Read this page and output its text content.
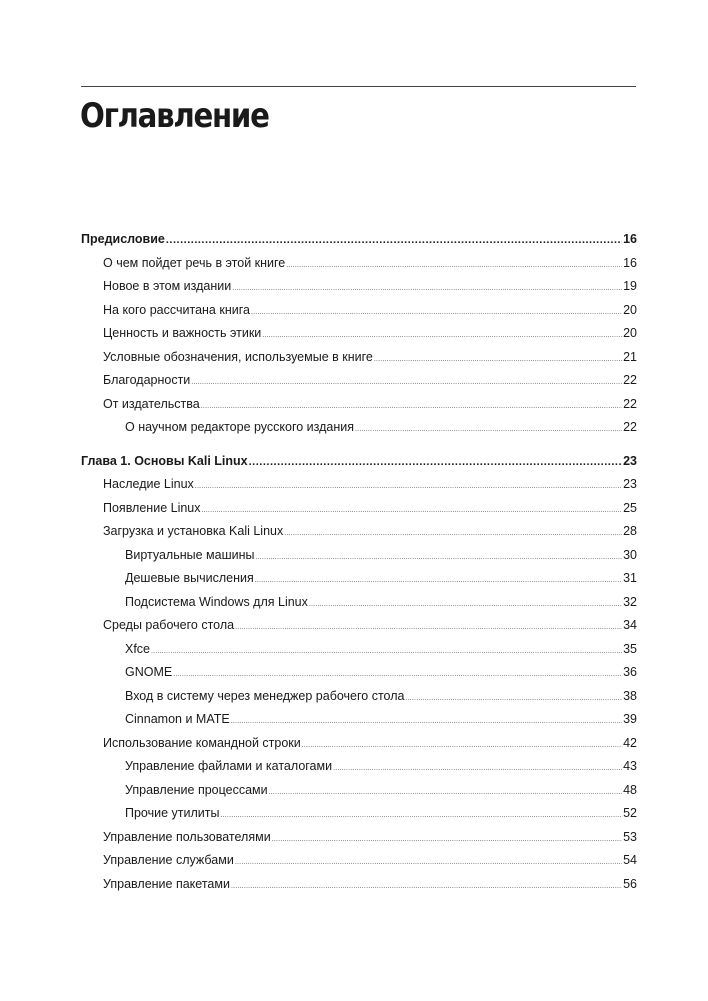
Оглавление
Предисловие .....	16
О чем пойдет речь в этой книге .....	16
Новое в этом издании .....	19
На кого рассчитана книга .....	20
Ценность и важность этики .....	20
Условные обозначения, используемые в книге .....	21
Благодарности .....	22
От издательства .....	22
О научном редакторе русского издания .....	22
Глава 1. Основы Kali Linux .....	23
Наследие Linux .....	23
Появление Linux .....	25
Загрузка и установка Kali Linux .....	28
Виртуальные машины .....	30
Дешевые вычисления .....	31
Подсистема Windows для Linux .....	32
Среды рабочего стола .....	34
Xfce .....	35
GNOME .....	36
Вход в систему через менеджер рабочего стола .....	38
Cinnamon и MATE .....	39
Использование командной строки .....	42
Управление файлами и каталогами .....	43
Управление процессами .....	48
Прочие утилиты .....	52
Управление пользователями .....	53
Управление службами .....	54
Управление пакетами .....	56
